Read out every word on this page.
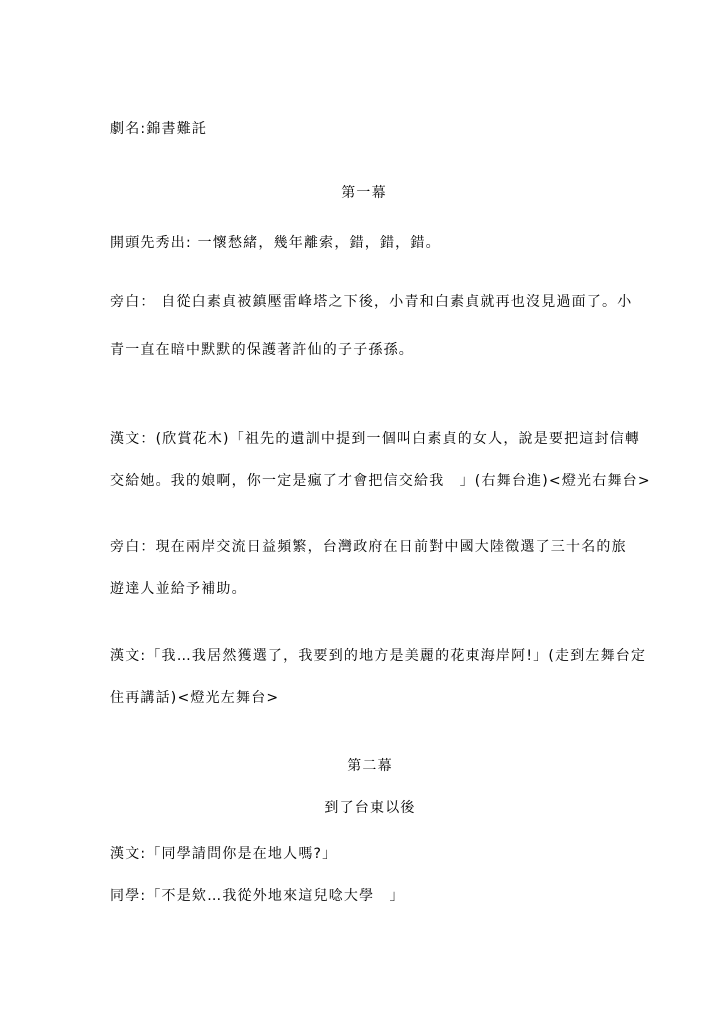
劇名:錦書難託
第一幕
開頭先秀出: 一懷愁緒，幾年離索，錯，錯，錯。
旁白： 自從白素貞被鎮壓雷峰塔之下後，小青和白素貞就再也沒見過面了。小
青一直在暗中默默的保護著許仙的子子孫孫。
漢文：(欣賞花木)「祖先的遺訓中提到一個叫白素貞的女人，說是要把這封信轉
交給她。我的娘啊，你一定是瘋了才會把信交給我　」(右舞台進)<燈光右舞台>
旁白：現在兩岸交流日益頻繁，台灣政府在日前對中國大陸徵選了三十名的旅
遊達人並給予補助。
漢文:「我…我居然獲選了，我要到的地方是美麗的花東海岸阿!」(走到左舞台定
住再講話)<燈光左舞台>
第二幕
到了台東以後
漢文:「同學請問你是在地人嗎?」
同學:「不是欸…我從外地來這兒唸大學　」
